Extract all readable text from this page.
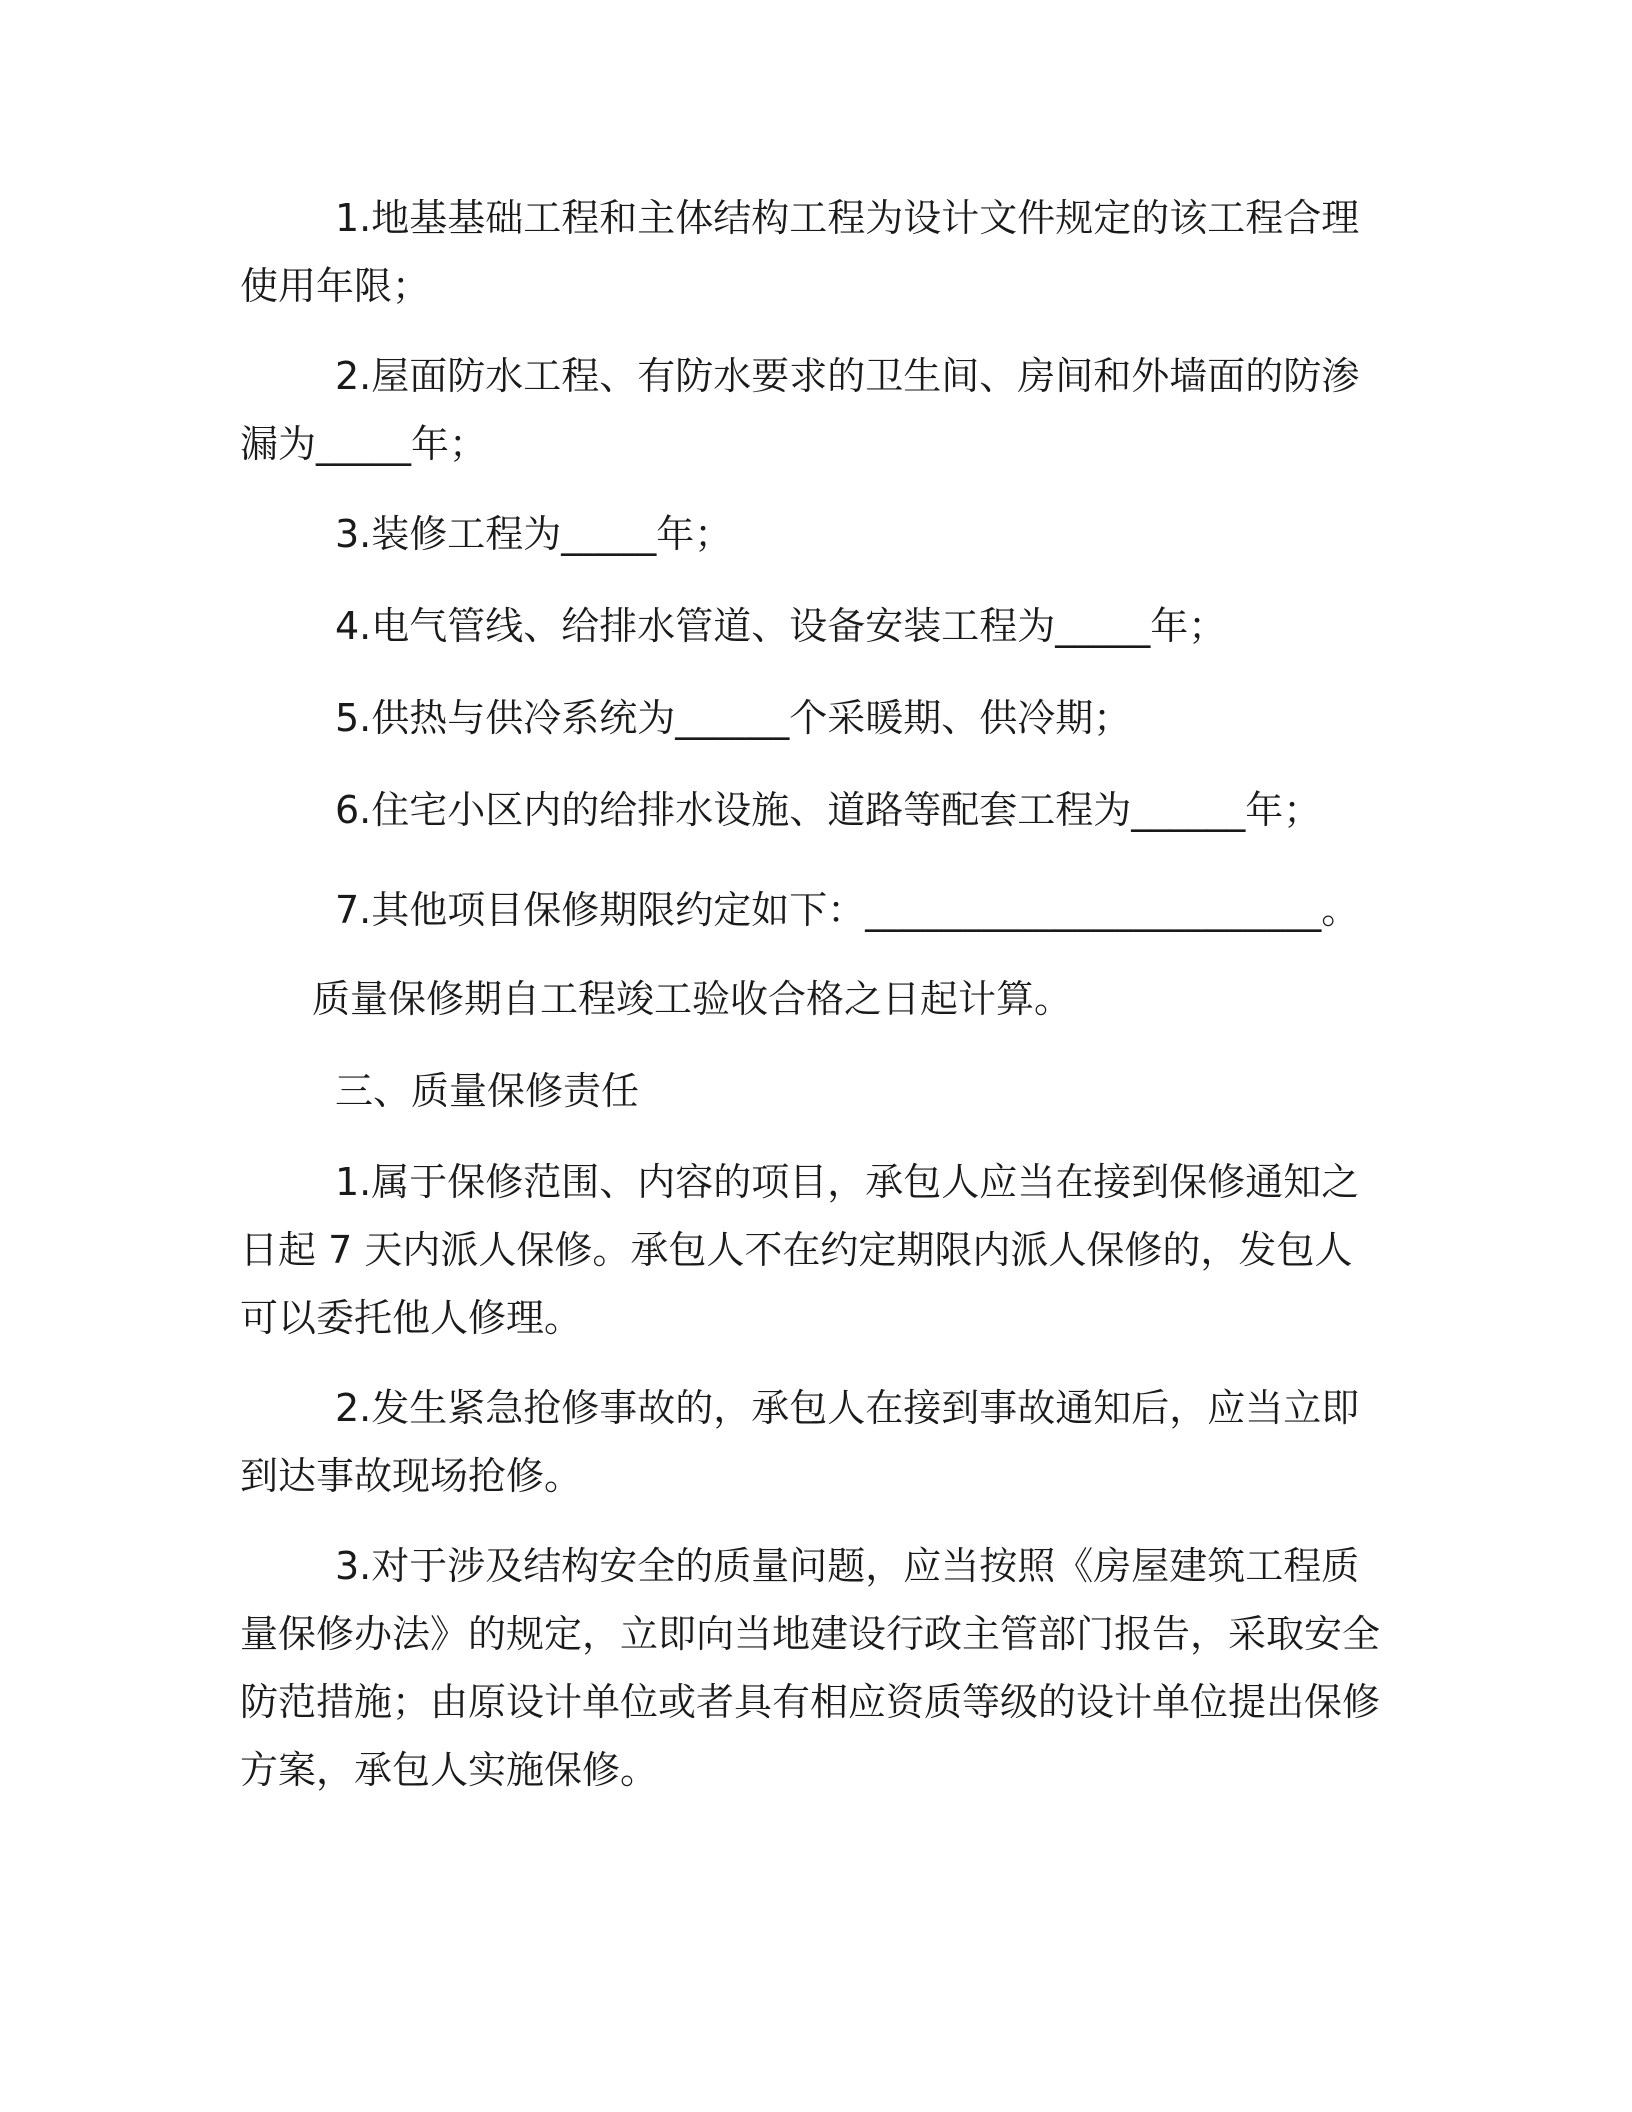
1.地基基础工程和主体结构工程为设计文件规定的该工程合理使用年限；

2.屋面防水工程、有防水要求的卫生间、房间和外墙面的防渗漏为_____年；

3.装修工程为_____年；

4.电气管线、给排水管道、设备安装工程为_____年；

5.供热与供冷系统为______个采暖期、供冷期；

6.住宅小区内的给排水设施、道路等配套工程为______年；

7.其他项目保修期限约定如下：________________________。

质量保修期自工程竣工验收合格之日起计算。

三、质量保修责任

1.属于保修范围、内容的项目，承包人应当在接到保修通知之日起 7 天内派人保修。承包人不在约定期限内派人保修的，发包人可以委托他人修理。

2.发生紧急抢修事故的，承包人在接到事故通知后，应当立即到达事故现场抢修。

3.对于涉及结构安全的质量问题，应当按照《房屋建筑工程质量保修办法》的规定，立即向当地建设行政主管部门报告，采取安全防范措施；由原设计单位或者具有相应资质等级的设计单位提出保修方案，承包人实施保修。
